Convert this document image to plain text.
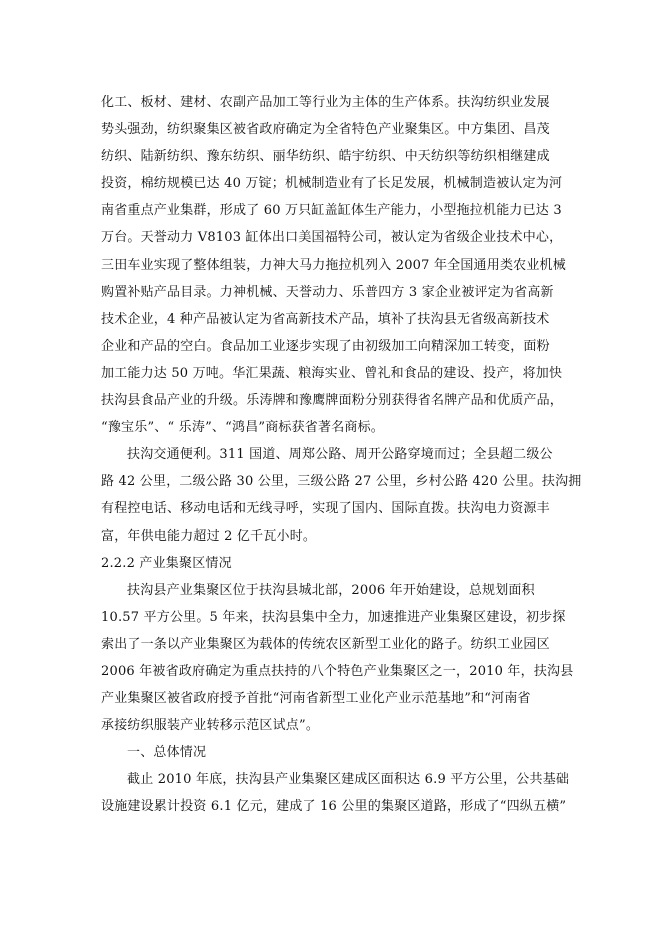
化工、板材、建材、农副产品加工等行业为主体的生产体系。扶沟纺织业发展
势头强劲，纺织聚集区被省政府确定为全省特色产业聚集区。中方集团、昌茂
纺织、陆新纺织、豫东纺织、丽华纺织、皓宇纺织、中天纺织等纺织相继建成
投资，棉纺规模已达 40 万锭；机械制造业有了长足发展，机械制造被认定为河
南省重点产业集群，形成了 60 万只缸盖缸体生产能力，小型拖拉机能力已达 3
万台。天誉动力 V8103 缸体出口美国福特公司，被认定为省级企业技术中心，
三田车业实现了整体组装，力神大马力拖拉机列入 2007 年全国通用类农业机械
购置补贴产品目录。力神机械、天誉动力、乐普四方 3 家企业被评定为省高新
技术企业，4 种产品被认定为省高新技术产品，填补了扶沟县无省级高新技术
企业和产品的空白。食品加工业逐步实现了由初级加工向精深加工转变，面粉
加工能力达 50 万吨。华汇果蔬、粮海实业、曾礼和食品的建设、投产，将加快
扶沟县食品产业的升级。乐涛牌和豫鹰牌面粉分别获得省名牌产品和优质产品，
“豫宝乐”、“ 乐涛”、“鸿昌”商标获省著名商标。
扶沟交通便利。311 国道、周郑公路、周开公路穿境而过；全县超二级公
路 42 公里，二级公路 30 公里，三级公路 27 公里，乡村公路 420 公里。扶沟拥
有程控电话、移动电话和无线寻呼，实现了国内、国际直拨。扶沟电力资源丰
富，年供电能力超过 2 亿千瓦小时。
2.2.2 产业集聚区情况
扶沟县产业集聚区位于扶沟县城北部，2006 年开始建设，总规划面积
10.57 平方公里。5 年来，扶沟县集中全力，加速推进产业集聚区建设，初步探
索出了一条以产业集聚区为载体的传统农区新型工业化的路子。纺织工业园区
2006 年被省政府确定为重点扶持的八个特色产业集聚区之一，2010 年，扶沟县
产业集聚区被省政府授予首批“河南省新型工业化产业示范基地”和“河南省
承接纺织服装产业转移示范区试点”。
一、总体情况
截止 2010 年底，扶沟县产业集聚区建成区面积达 6.9 平方公里，公共基础
设施建设累计投资 6.1 亿元，建成了 16 公里的集聚区道路，形成了“四纵五横”
